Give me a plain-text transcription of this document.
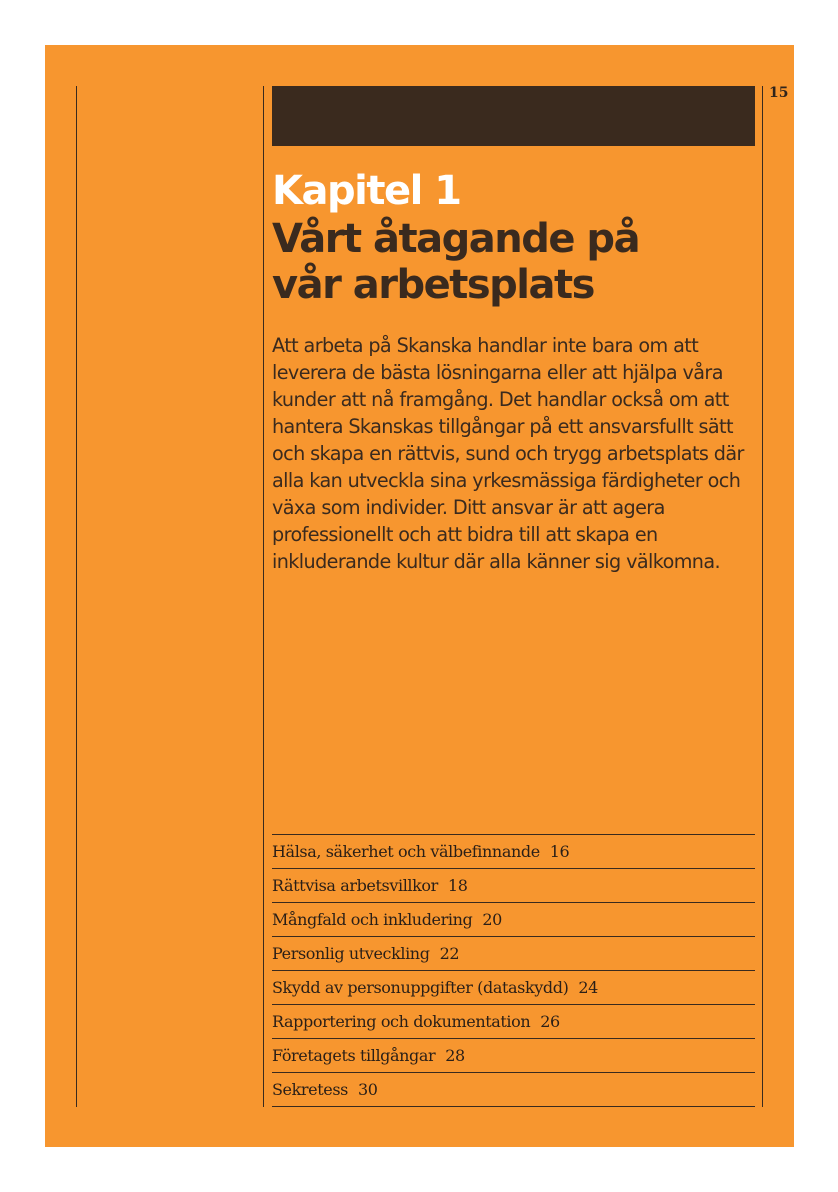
15
Kapitel 1
Vårt åtagande på
vår arbetsplats

Att arbeta på Skanska handlar inte bara om att leverera de bästa lösningarna eller att hjälpa våra kunder att nå framgång. Det handlar också om att hantera Skanskas tillgångar på ett ansvarsfullt sätt och skapa en rättvis, sund och trygg arbetsplats där alla kan utveckla sina yrkesmässiga färdigheter och växa som individer. Ditt ansvar är att agera professionellt och att bidra till att skapa en inkluderande kultur där alla känner sig välkomna.

Hälsa, säkerhet och välbefinnande 16
Rättvisa arbetsvillkor 18
Mångfald och inkludering 20
Personlig utveckling 22
Skydd av personuppgifter (dataskydd) 24
Rapportering och dokumentation 26
Företagets tillgångar 28
Sekretess 30
